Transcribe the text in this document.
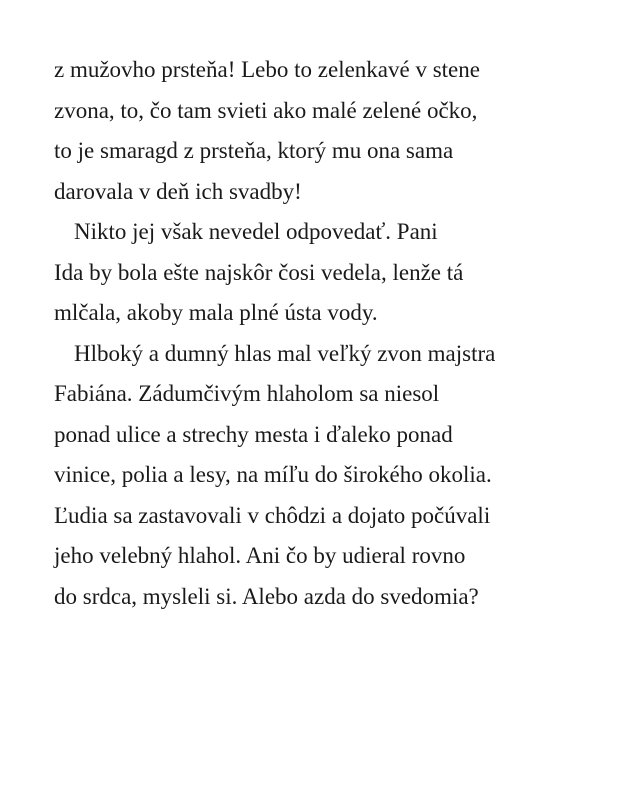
z mužovho prsteňa! Lebo to zelenkavé v stene
zvona, to, čo tam svieti ako malé zelené očko,
to je smaragd z prsteňa, ktorý mu ona sama
darovala v deň ich svadby!
Nikto jej však nevedel odpovedať. Pani
Ida by bola ešte najskôr čosi vedela, lenže tá
mlčala, akoby mala plné ústa vody.
Hlboký a dumný hlas mal veľký zvon majstra
Fabiána. Zádumčivým hlaholom sa niesol
ponad ulice a strechy mesta i ďaleko ponad
vinice, polia a lesy, na míľu do širokého okolia.
Ľudia sa zastavovali v chôdzi a dojato počúvali
jeho velebný hlahol. Ani čo by udieral rovno
do srdca, mysleli si. Alebo azda do svedomia?
